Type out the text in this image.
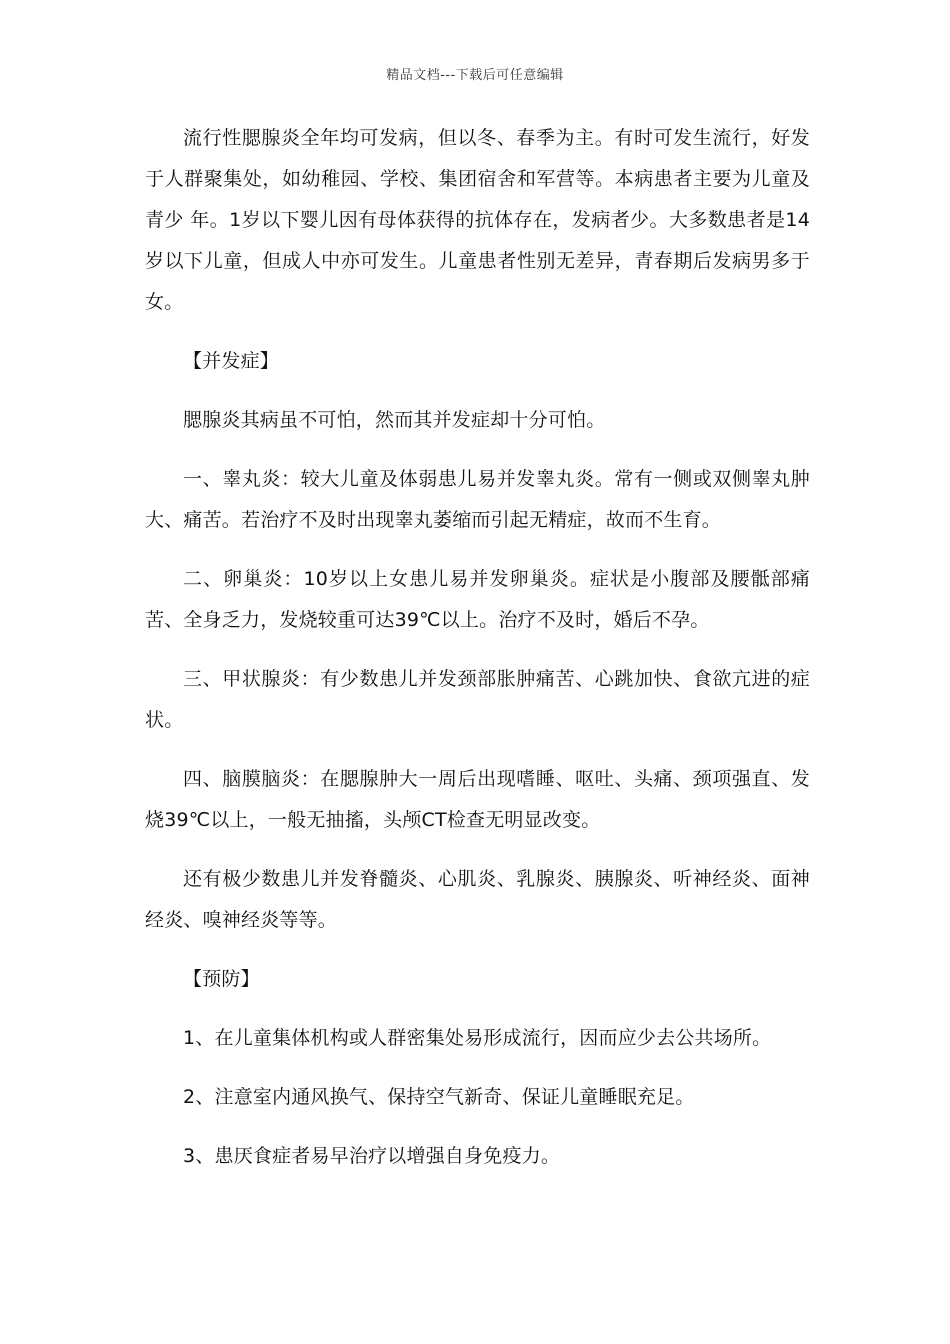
精品文档---下载后可任意编辑

流行性腮腺炎全年均可发病，但以冬、春季为主。有时可发生流行，好发于人群聚集处，如幼稚园、学校、集团宿舍和军营等。本病患者主要为儿童及青少 年。1岁以下婴儿因有母体获得的抗体存在，发病者少。大多数患者是14岁以下儿童，但成人中亦可发生。儿童患者性别无差异，青春期后发病男多于女。

【并发症】

腮腺炎其病虽不可怕，然而其并发症却十分可怕。

一、睾丸炎：较大儿童及体弱患儿易并发睾丸炎。常有一侧或双侧睾丸肿大、痛苦。若治疗不及时出现睾丸萎缩而引起无精症，故而不生育。

二、卵巢炎：10岁以上女患儿易并发卵巢炎。症状是小腹部及腰骶部痛苦、全身乏力，发烧较重可达39℃以上。治疗不及时，婚后不孕。

三、甲状腺炎：有少数患儿并发颈部胀肿痛苦、心跳加快、食欲亢进的症状。

四、脑膜脑炎：在腮腺肿大一周后出现嗜睡、呕吐、头痛、颈项强直、发烧39℃以上，一般无抽搐，头颅CT检查无明显改变。

还有极少数患儿并发脊髓炎、心肌炎、乳腺炎、胰腺炎、听神经炎、面神经炎、嗅神经炎等等。

【预防】

1、在儿童集体机构或人群密集处易形成流行，因而应少去公共场所。

2、注意室内通风换气、保持空气新奇、保证儿童睡眠充足。

3、患厌食症者易早治疗以增强自身免疫力。
